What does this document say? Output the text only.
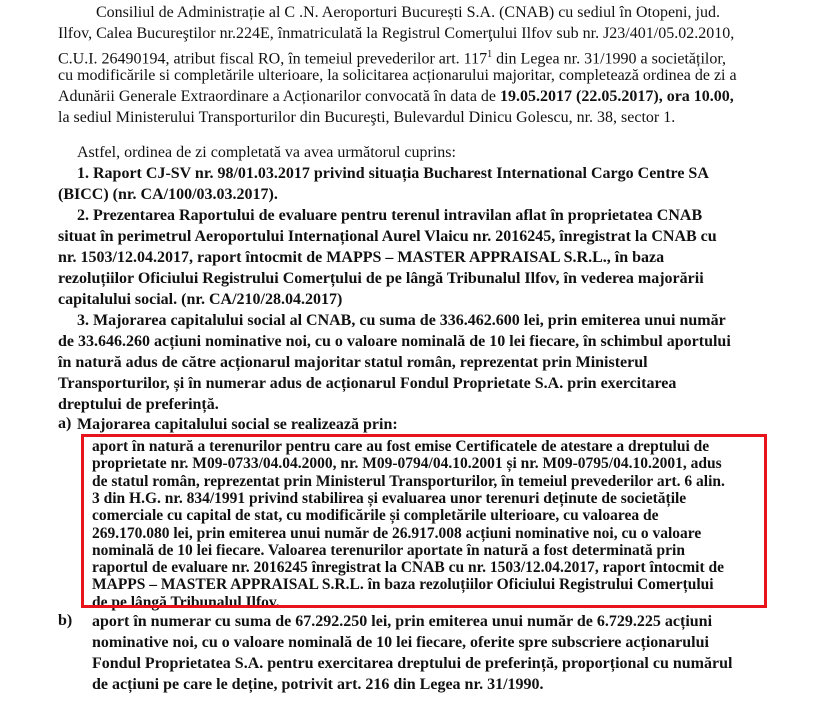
Consiliul de Administrație al C .N. Aeroporturi București S.A. (CNAB) cu sediul în Otopeni, jud.
Ilfov, Calea Bucureştilor nr.224E, înmatriculată la Registrul Comerţului Ilfov sub nr. J23/401/05.02.2010,
C.U.I. 26490194, atribut fiscal RO, în temeiul prevederilor art. $117^1$ din Legea nr. 31/1990 a societăților,
cu modificările si completările ulterioare, la solicitarea acționarului majoritar, completează ordinea de zi a
Adunării Generale Extraordinare a Acționarilor convocată în data de 19.05.2017 (22.05.2017), ora 10.00,
la sediul Ministerului Transporturilor din Bucureşti, Bulevardul Dinicu Golescu, nr. 38, sector 1.
Astfel, ordinea de zi completată va avea următorul cuprins:
1. Raport CJ-SV nr. 98/01.03.2017 privind situația Bucharest International Cargo Centre SA
(BICC) (nr. CA/100/03.03.2017).
2. Prezentarea Raportului de evaluare pentru terenul intravilan aflat în proprietatea CNAB
situat în perimetrul Aeroportului Internațional Aurel Vlaicu nr. 2016245, înregistrat la CNAB cu
nr. 1503/12.04.2017, raport întocmit de MAPPS – MASTER APPRAISAL S.R.L., în baza
rezoluțiilor Oficiului Registrului Comerțului de pe lângă Tribunalul Ilfov, în vederea majorării
capitalului social. (nr. CA/210/28.04.2017)
3. Majorarea capitalului social al CNAB, cu suma de 336.462.600 lei, prin emiterea unui număr
de 33.646.260 acțiuni nominative noi, cu o valoare nominală de 10 lei fiecare, în schimbul aportului
în natură adus de către acționarul majoritar statul român, reprezentat prin Ministerul
Transporturilor, și în numerar adus de acționarul Fondul Proprietate S.A. prin exercitarea
dreptului de preferință.
Majorarea capitalului social se realizează prin:
a)
aport în natură a terenurilor pentru care au fost emise Certificatele de atestare a dreptului de
proprietate nr. M09-0733/04.04.2000, nr. M09-0794/04.10.2001 și nr. M09-0795/04.10.2001, adus
de statul român, reprezentat prin Ministerul Transporturilor, în temeiul prevederilor art. 6 alin.
3 din H.G. nr. 834/1991 privind stabilirea și evaluarea unor terenuri deținute de societățile
comerciale cu capital de stat, cu modificările și completările ulterioare, cu valoarea de
269.170.080 lei, prin emiterea unui număr de 26.917.008 acțiuni nominative noi, cu o valoare
nominală de 10 lei fiecare. Valoarea terenurilor aportate în natură a fost determinată prin
raportul de evaluare nr. 2016245 înregistrat la CNAB cu nr. 1503/12.04.2017, raport întocmit de
MAPPS – MASTER APPRAISAL S.R.L. în baza rezoluțiilor Oficiului Registrului Comerțului
de pe lângă Tribunalul Ilfov.
b) aport în numerar cu suma de 67.292.250 lei, prin emiterea unui număr de 6.729.225 acțiuni
nominative noi, cu o valoare nominală de 10 lei fiecare, oferite spre subscriere acționarului
Fondul Proprietatea S.A. pentru exercitarea dreptului de preferință, proporțional cu numărul
de acțiuni pe care le deține, potrivit art. 216 din Legea nr. 31/1990.
